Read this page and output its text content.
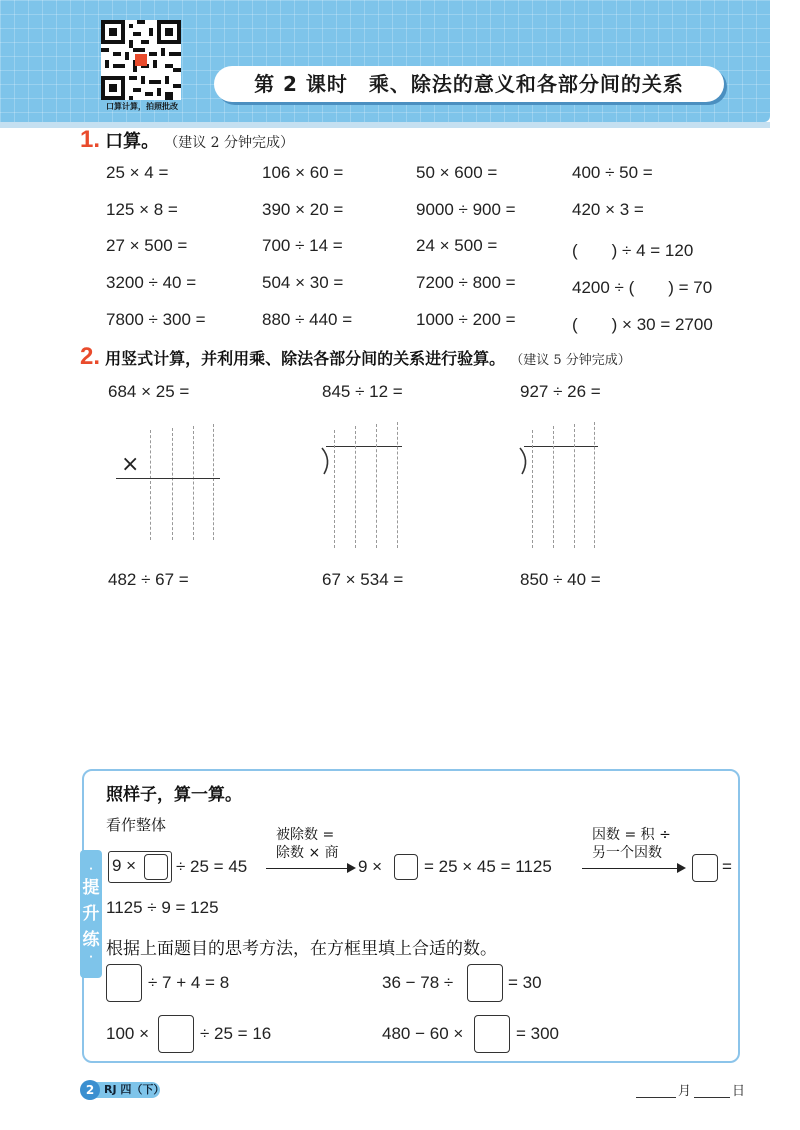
口算计算，拍照批改
第 2 课时　乘、除法的意义和各部分间的关系
1. 口算。 （建议 2 分钟完成）
25 × 4 =	106 × 60 =	50 × 600 =	400 ÷ 50 =
125 × 8 =	390 × 20 =	9000 ÷ 900 =	420 × 3 =
27 × 500 =	700 ÷ 14 =	24 × 500 =	(　　) ÷ 4 = 120
3200 ÷ 40 =	504 × 30 =	7200 ÷ 800 =	4200 ÷ (　　) = 70
7800 ÷ 300 =	880 ÷ 440 =	1000 ÷ 200 =	(　　) × 30 = 2700
2. 用竖式计算，并利用乘、除法各部分间的关系进行验算。 （建议 5 分钟完成）
684 × 25 =	845 ÷ 12 =	927 ÷ 26 =
×
482 ÷ 67 =	67 × 534 =	850 ÷ 40 =
·
提
升
练
·
照样子，算一算。
看作整体
9 × ÷ 25 = 45
被除数 =
除数 × 商
9 × = 25 × 45 = 1125
因数 = 积 ÷
另一个因数
=
1125 ÷ 9 = 125
根据上面题目的思考方法，在方框里填上合适的数。
÷ 7 + 4 = 8	36 − 78 ÷	= 30
100 ×	÷ 25 = 16	480 − 60 ×	= 300
2 RJ 四（下）	月	日
